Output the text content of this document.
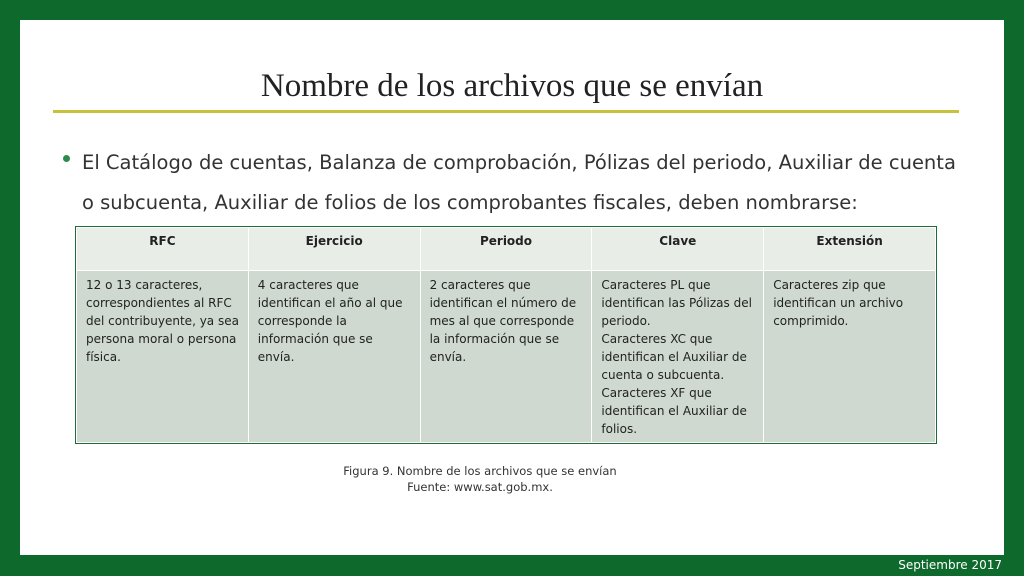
Nombre de los archivos que se envían

El Catálogo de cuentas, Balanza de comprobación, Pólizas del periodo, Auxiliar de cuenta o subcuenta, Auxiliar de folios de los comprobantes fiscales, deben nombrarse:

RFC	Ejercicio	Periodo	Clave	Extensión

12 o 13 caracteres, correspondientes al RFC del contribuyente, ya sea persona moral o persona física.	4 caracteres que identifican el año al que corresponde la información que se envía.	2 caracteres que identifican el número de mes al que corresponde la información que se envía.	Caracteres PL que identifican las Pólizas del periodo.
Caracteres XC que identifican el Auxiliar de cuenta o subcuenta.
Caracteres XF que identifican el Auxiliar de folios.	Caracteres zip que identifican un archivo comprimido.
Figura 9. Nombre de los archivos que se envían
Fuente: www.sat.gob.mx.
Septiembre 2017
